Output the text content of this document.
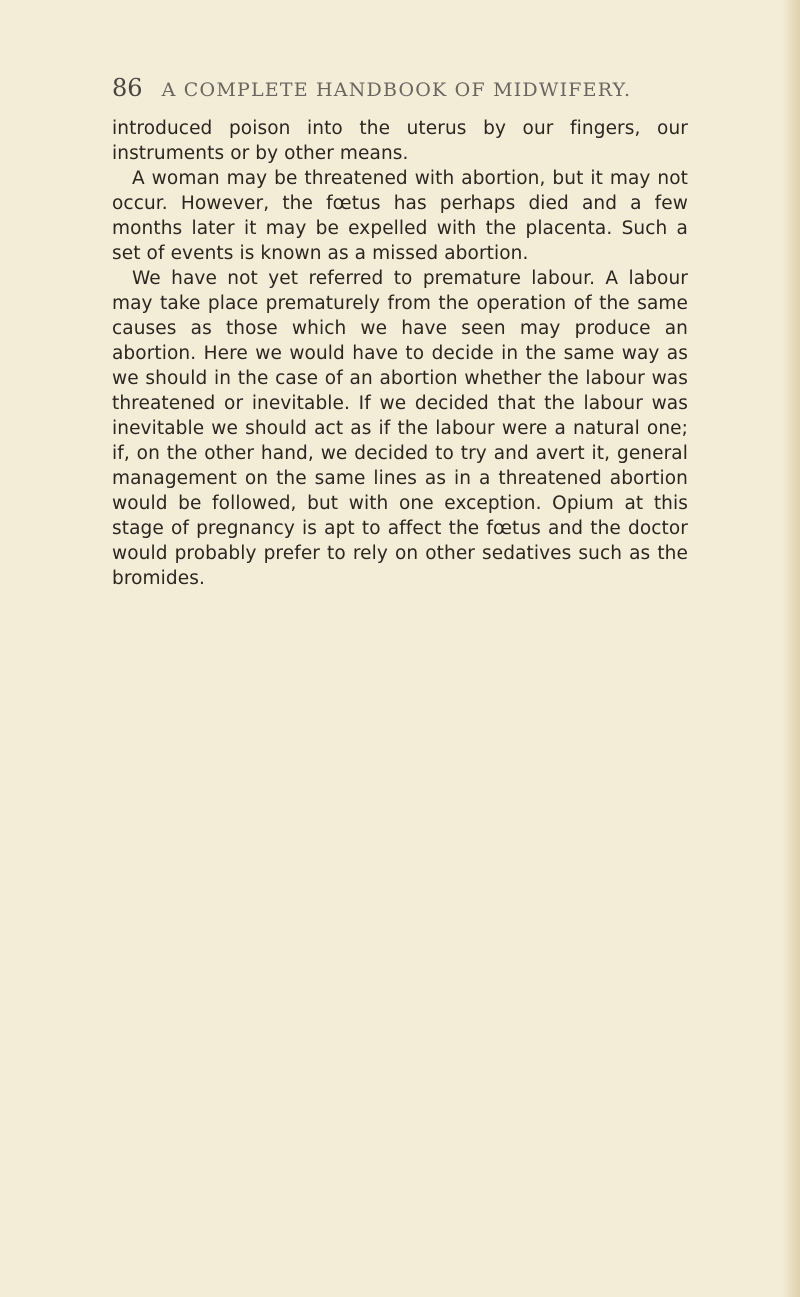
86 A COMPLETE HANDBOOK OF MIDWIFERY.

introduced poison into the uterus by our fingers, our instruments or by other means.

A woman may be threatened with abortion, but it may not occur. However, the fœtus has perhaps died and a few months later it may be expelled with the placenta. Such a set of events is known as a missed abortion.

We have not yet referred to premature labour. A labour may take place prematurely from the operation of the same causes as those which we have seen may produce an abortion. Here we would have to decide in the same way as we should in the case of an abortion whether the labour was threatened or inevitable. If we decided that the labour was inevitable we should act as if the labour were a natural one; if, on the other hand, we decided to try and avert it, general management on the same lines as in a threatened abortion would be followed, but with one exception. Opium at this stage of pregnancy is apt to affect the fœtus and the doctor would probably prefer to rely on other sedatives such as the bromides.
